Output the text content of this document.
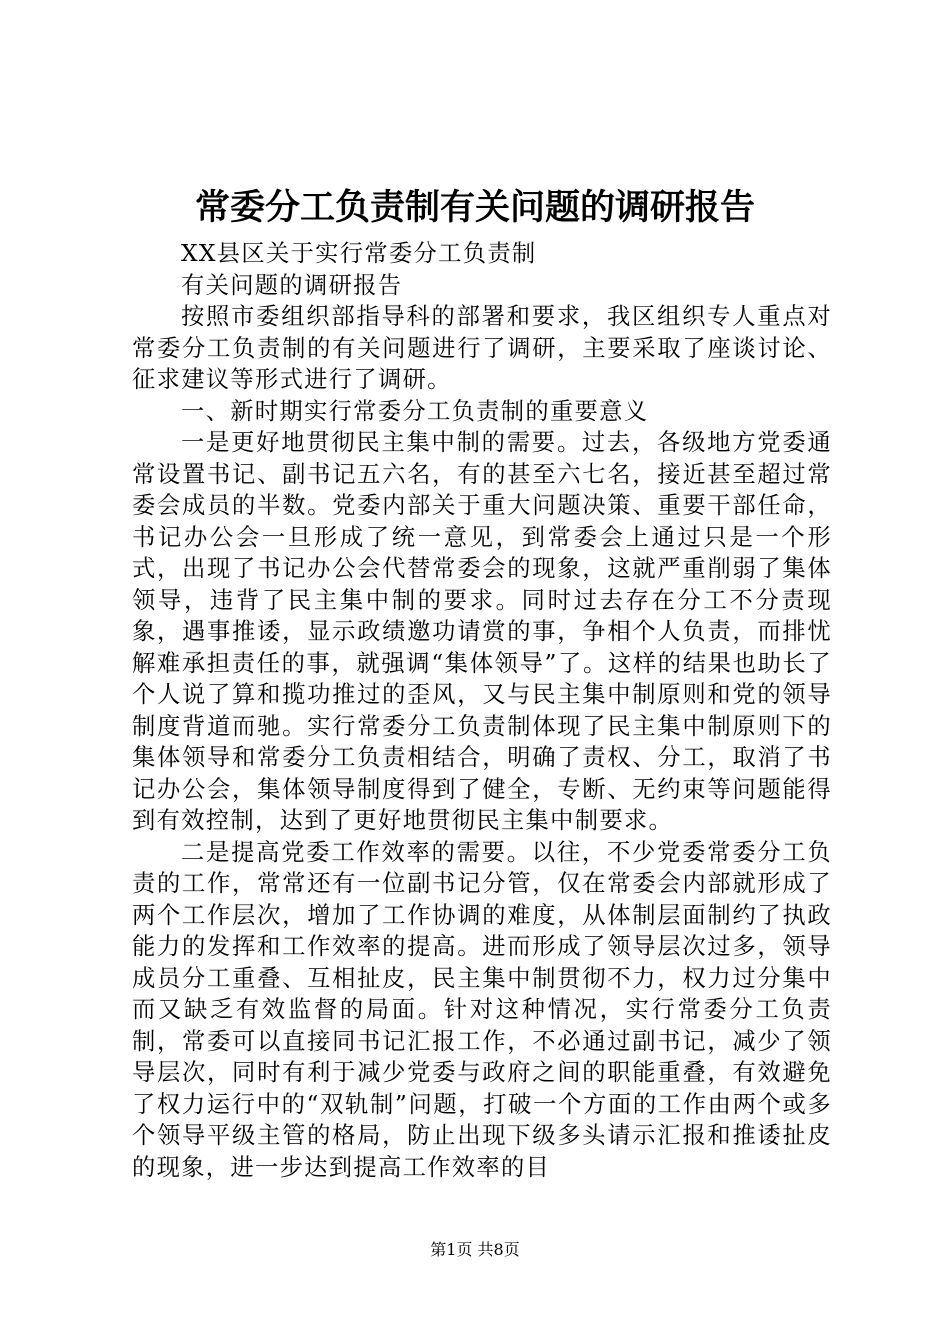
常委分工负责制有关问题的调研报告

XX县区关于实行常委分工负责制

有关问题的调研报告

按照市委组织部指导科的部署和要求，我区组织专人重点对常委分工负责制的有关问题进行了调研，主要采取了座谈讨论、征求建议等形式进行了调研。

一、新时期实行常委分工负责制的重要意义

一是更好地贯彻民主集中制的需要。过去，各级地方党委通常设置书记、副书记五六名，有的甚至六七名，接近甚至超过常委会成员的半数。党委内部关于重大问题决策、重要干部任命，书记办公会一旦形成了统一意见，到常委会上通过只是一个形式，出现了书记办公会代替常委会的现象，这就严重削弱了集体领导，违背了民主集中制的要求。同时过去存在分工不分责现象，遇事推诿，显示政绩邀功请赏的事，争相个人负责，而排忧解难承担责任的事，就强调“集体领导”了。这样的结果也助长了个人说了算和揽功推过的歪风，又与民主集中制原则和党的领导制度背道而驰。实行常委分工负责制体现了民主集中制原则下的集体领导和常委分工负责相结合，明确了责权、分工，取消了书记办公会，集体领导制度得到了健全，专断、无约束等问题能得到有效控制，达到了更好地贯彻民主集中制要求。

二是提高党委工作效率的需要。以往，不少党委常委分工负责的工作，常常还有一位副书记分管，仅在常委会内部就形成了两个工作层次，增加了工作协调的难度，从体制层面制约了执政能力的发挥和工作效率的提高。进而形成了领导层次过多，领导成员分工重叠、互相扯皮，民主集中制贯彻不力，权力过分集中而又缺乏有效监督的局面。针对这种情况，实行常委分工负责制，常委可以直接同书记汇报工作，不必通过副书记，减少了领导层次，同时有利于减少党委与政府之间的职能重叠，有效避免了权力运行中的“双轨制”问题，打破一个方面的工作由两个或多个领导平级主管的格局，防止出现下级多头请示汇报和推诿扯皮的现象，进一步达到提高工作效率的目

第1页 共8页
